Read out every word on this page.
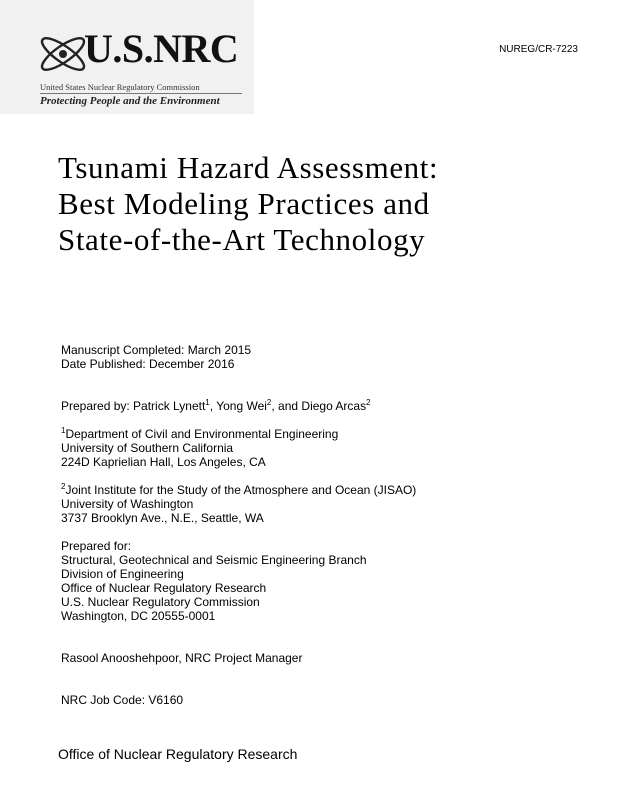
U.S.NRC
United States Nuclear Regulatory Commission
Protecting People and the Environment
NUREG/CR-7223
Tsunami Hazard Assessment:
Best Modeling Practices and
State-of-the-Art Technology
Manuscript Completed: March 2015
Date Published: December 2016
Prepared by: Patrick Lynett$^1$, Yong Wei$^2$, and Diego Arcas$^2$
$^1$Department of Civil and Environmental Engineering
University of Southern California
224D Kaprielian Hall, Los Angeles, CA
$^2$Joint Institute for the Study of the Atmosphere and Ocean (JISAO)
University of Washington
3737 Brooklyn Ave., N.E., Seattle, WA
Prepared for:
Structural, Geotechnical and Seismic Engineering Branch
Division of Engineering
Office of Nuclear Regulatory Research
U.S. Nuclear Regulatory Commission
Washington, DC 20555-0001
Rasool Anooshehpoor, NRC Project Manager
NRC Job Code: V6160
Office of Nuclear Regulatory Research
